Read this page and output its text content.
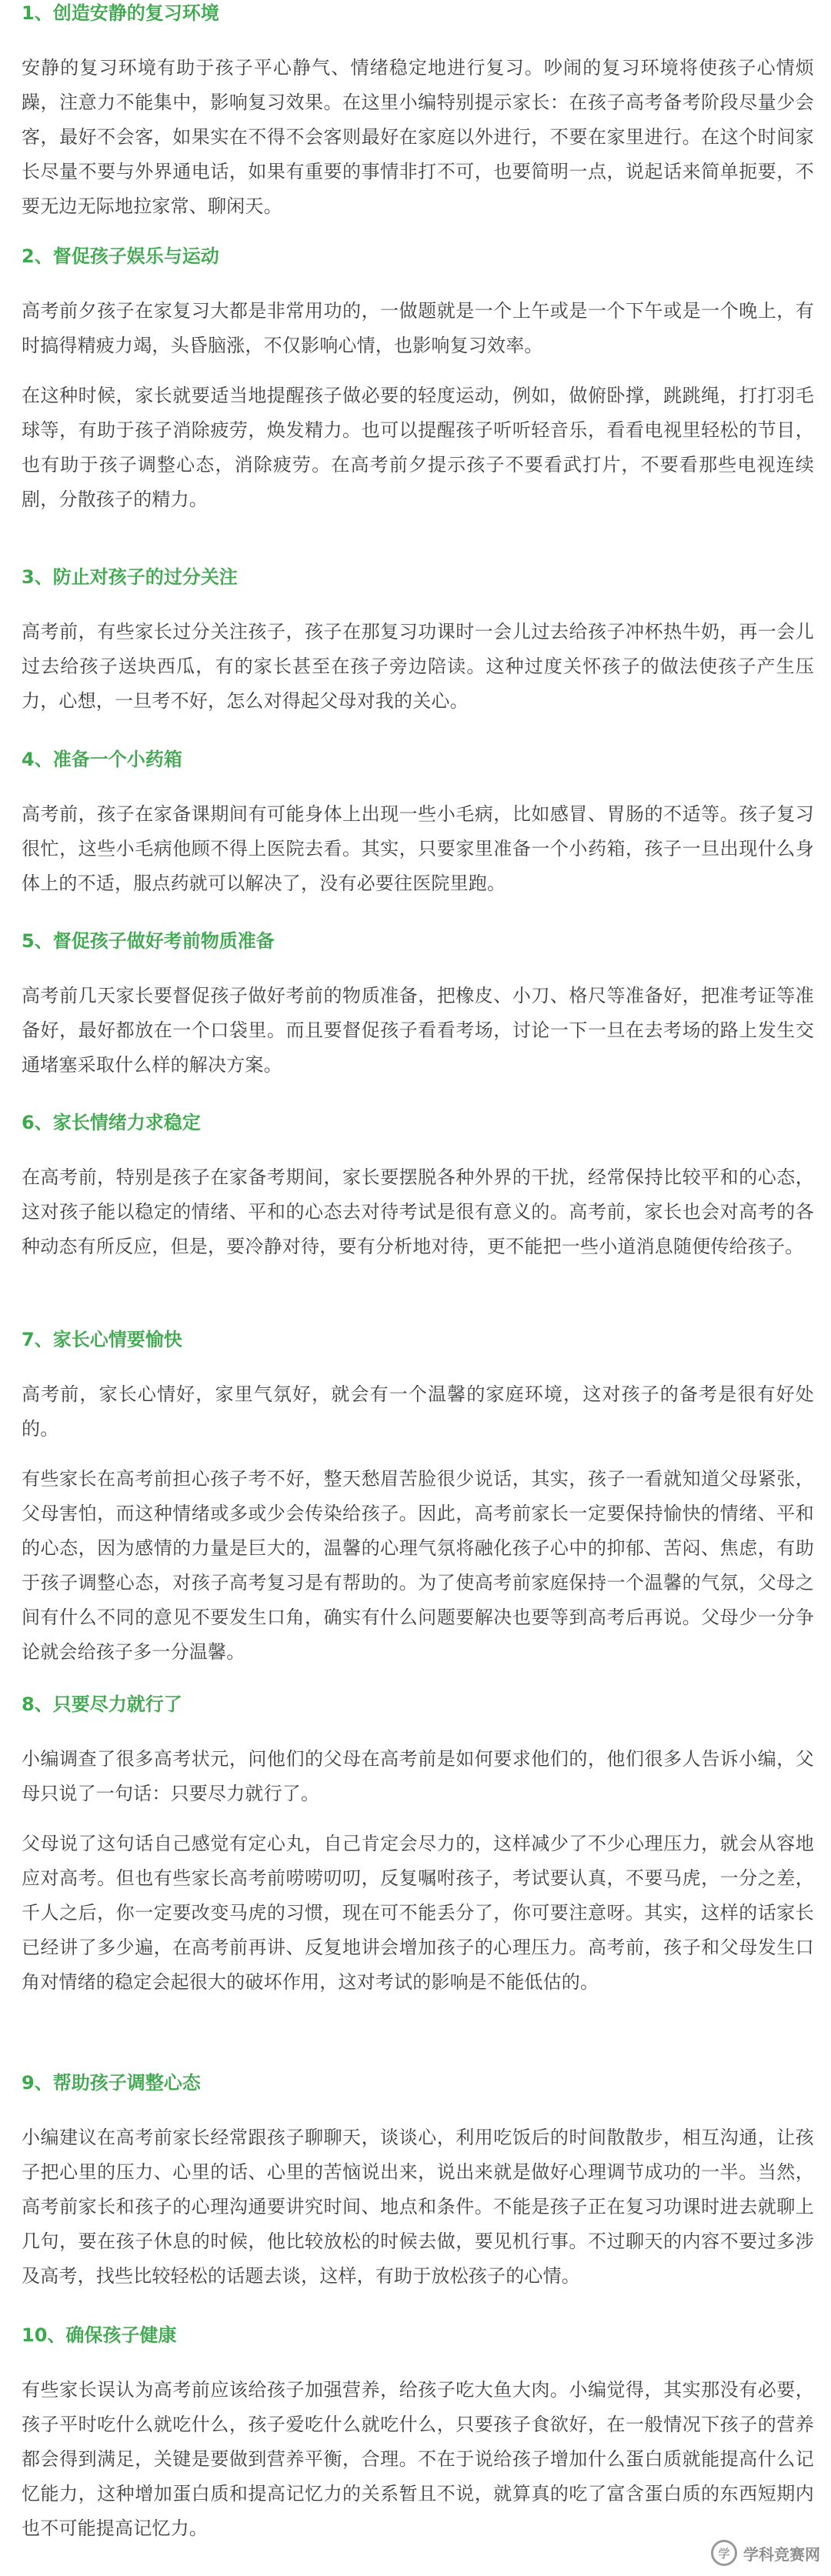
1、创造安静的复习环境

安静的复习环境有助于孩子平心静气、情绪稳定地进行复习。吵闹的复习环境将使孩子心情烦躁，注意力不能集中，影响复习效果。在这里小编特别提示家长：在孩子高考备考阶段尽量少会客，最好不会客，如果实在不得不会客则最好在家庭以外进行，不要在家里进行。在这个时间家长尽量不要与外界通电话，如果有重要的事情非打不可，也要简明一点，说起话来简单扼要，不要无边无际地拉家常、聊闲天。

2、督促孩子娱乐与运动

高考前夕孩子在家复习大都是非常用功的，一做题就是一个上午或是一个下午或是一个晚上，有时搞得精疲力竭，头昏脑涨，不仅影响心情，也影响复习效率。

在这种时候，家长就要适当地提醒孩子做必要的轻度运动，例如，做俯卧撑，跳跳绳，打打羽毛球等，有助于孩子消除疲劳，焕发精力。也可以提醒孩子听听轻音乐，看看电视里轻松的节目，也有助于孩子调整心态，消除疲劳。在高考前夕提示孩子不要看武打片，不要看那些电视连续剧，分散孩子的精力。

3、防止对孩子的过分关注

高考前，有些家长过分关注孩子，孩子在那复习功课时一会儿过去给孩子冲杯热牛奶，再一会儿过去给孩子送块西瓜，有的家长甚至在孩子旁边陪读。这种过度关怀孩子的做法使孩子产生压力，心想，一旦考不好，怎么对得起父母对我的关心。

4、准备一个小药箱

高考前，孩子在家备课期间有可能身体上出现一些小毛病，比如感冒、胃肠的不适等。孩子复习很忙，这些小毛病他顾不得上医院去看。其实，只要家里准备一个小药箱，孩子一旦出现什么身体上的不适，服点药就可以解决了，没有必要往医院里跑。

5、督促孩子做好考前物质准备

高考前几天家长要督促孩子做好考前的物质准备，把橡皮、小刀、格尺等准备好，把准考证等准备好，最好都放在一个口袋里。而且要督促孩子看看考场，讨论一下一旦在去考场的路上发生交通堵塞采取什么样的解决方案。

6、家长情绪力求稳定

在高考前，特别是孩子在家备考期间，家长要摆脱各种外界的干扰，经常保持比较平和的心态，这对孩子能以稳定的情绪、平和的心态去对待考试是很有意义的。高考前，家长也会对高考的各种动态有所反应，但是，要冷静对待，要有分析地对待，更不能把一些小道消息随便传给孩子。

7、家长心情要愉快

高考前，家长心情好，家里气氛好，就会有一个温馨的家庭环境，这对孩子的备考是很有好处的。

有些家长在高考前担心孩子考不好，整天愁眉苦脸很少说话，其实，孩子一看就知道父母紧张，父母害怕，而这种情绪或多或少会传染给孩子。因此，高考前家长一定要保持愉快的情绪、平和的心态，因为感情的力量是巨大的，温馨的心理气氛将融化孩子心中的抑郁、苦闷、焦虑，有助于孩子调整心态，对孩子高考复习是有帮助的。为了使高考前家庭保持一个温馨的气氛，父母之间有什么不同的意见不要发生口角，确实有什么问题要解决也要等到高考后再说。父母少一分争论就会给孩子多一分温馨。

8、只要尽力就行了

小编调查了很多高考状元，问他们的父母在高考前是如何要求他们的，他们很多人告诉小编，父母只说了一句话：只要尽力就行了。

父母说了这句话自己感觉有定心丸，自己肯定会尽力的，这样减少了不少心理压力，就会从容地应对高考。但也有些家长高考前唠唠叨叨，反复嘱咐孩子，考试要认真，不要马虎，一分之差，千人之后，你一定要改变马虎的习惯，现在可不能丢分了，你可要注意呀。其实，这样的话家长已经讲了多少遍，在高考前再讲、反复地讲会增加孩子的心理压力。高考前，孩子和父母发生口角对情绪的稳定会起很大的破坏作用，这对考试的影响是不能低估的。

9、帮助孩子调整心态

小编建议在高考前家长经常跟孩子聊聊天，谈谈心，利用吃饭后的时间散散步，相互沟通，让孩子把心里的压力、心里的话、心里的苦恼说出来，说出来就是做好心理调节成功的一半。当然，高考前家长和孩子的心理沟通要讲究时间、地点和条件。不能是孩子正在复习功课时进去就聊上几句，要在孩子休息的时候，他比较放松的时候去做，要见机行事。不过聊天的内容不要过多涉及高考，找些比较轻松的话题去谈，这样，有助于放松孩子的心情。

10、确保孩子健康

有些家长误认为高考前应该给孩子加强营养，给孩子吃大鱼大肉。小编觉得，其实那没有必要，孩子平时吃什么就吃什么，孩子爱吃什么就吃什么，只要孩子食欲好，在一般情况下孩子的营养都会得到满足，关键是要做到营养平衡，合理。不在于说给孩子增加什么蛋白质就能提高什么记忆能力，这种增加蛋白质和提高记忆力的关系暂且不说，就算真的吃了富含蛋白质的东西短期内也不可能提高记忆力。

学 学科竞赛网
